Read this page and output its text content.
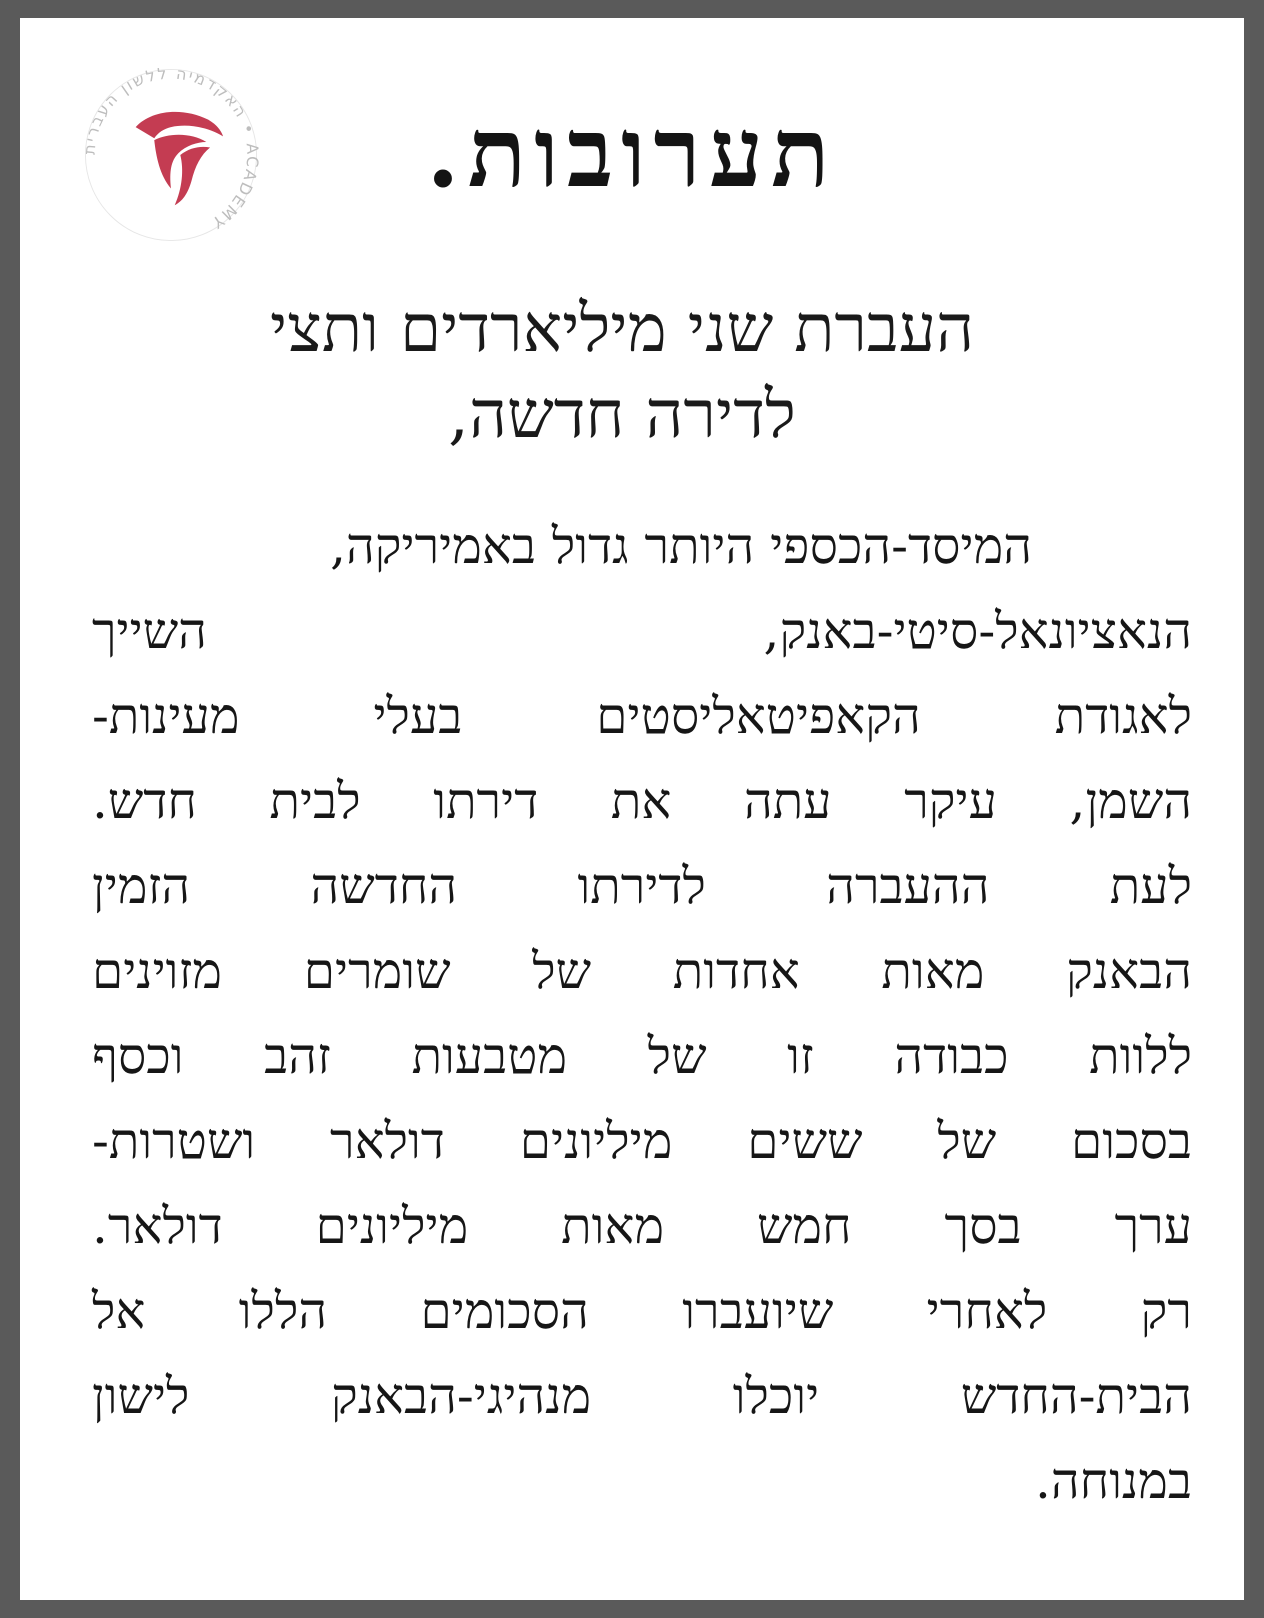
האקדמיה ללשון העברית • ACADEMY
תערובות.
העברת שני מיליארדים ותצי
לדירה חדשה,
המיסד-הכספי היותר גדול באמיריקה,
הנאציונאל-סיטי-באנק, השייך
לאגודת הקאפיטאליסטים בעלי מעינות-
השמן, עיקר עתה את דירתו לבית חדש.
לעת ההעברה לדירתו החדשה הזמין
הבאנק מאות אחדות של שומרים מזוינים
ללוות כבודה זו של מטבעות זהב וכסף
בסכום של ששים מיליונים דולאר ושטרות-
ערך בסך חמש מאות מיליונים דולאר.
רק לאחרי שיועברו הסכומים הללו אל
הבית-החדש יוכלו מנהיגי-הבאנק לישון
במנוחה.
